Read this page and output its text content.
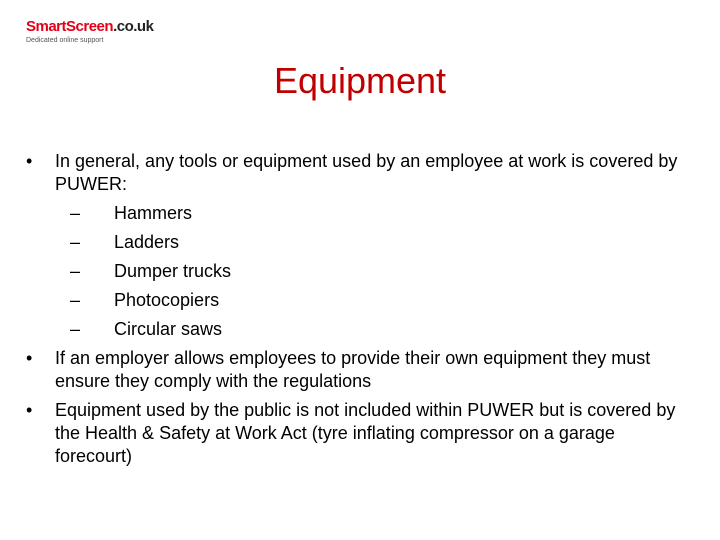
SmartScreen.co.uk
Dedicated online support
Equipment
• In general, any tools or equipment used by an employee at work is covered by PUWER:
– Hammers
– Ladders
– Dumper trucks
– Photocopiers
– Circular saws
• If an employer allows employees to provide their own equipment they must ensure they comply with the regulations
• Equipment used by the public is not included within PUWER but is covered by the Health & Safety at Work Act (tyre inflating compressor on a garage forecourt)
